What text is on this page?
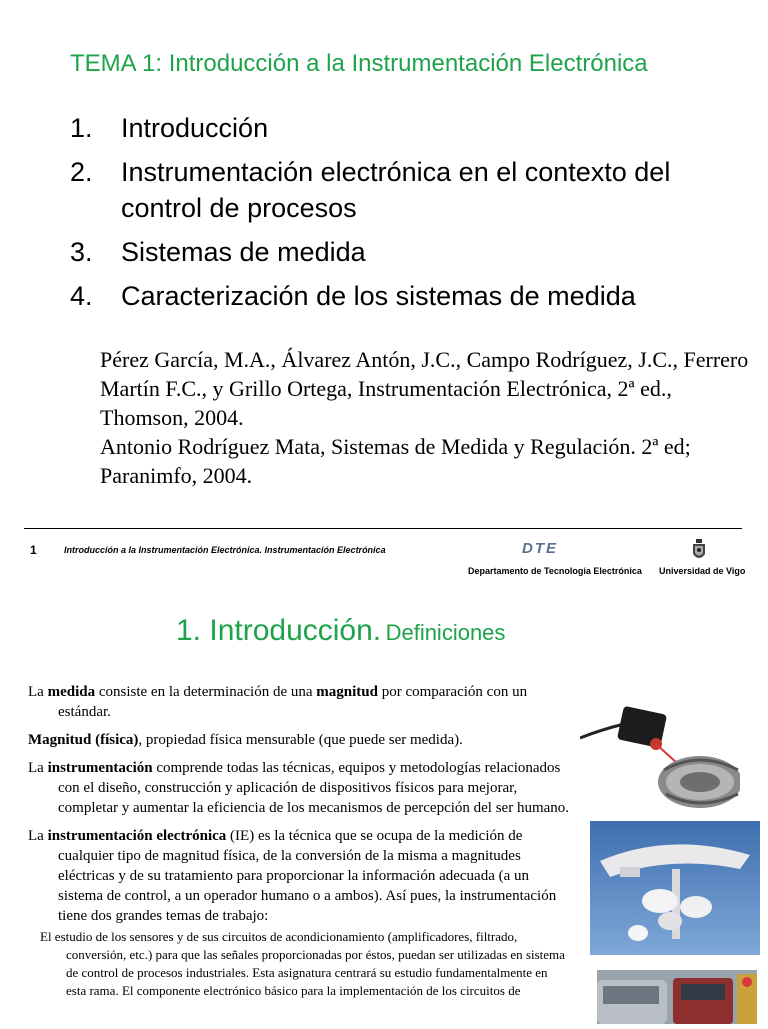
TEMA 1: Introducción a la Instrumentación Electrónica
1.	Introducción
2.	Instrumentación electrónica en el contexto del control de procesos
3.	Sistemas de medida
4.	Caracterización de los sistemas de medida

Pérez García, M.A., Álvarez Antón, J.C., Campo Rodríguez, J.C., Ferrero Martín F.C., y Grillo Ortega, Instrumentación Electrónica, 2ª ed., Thomson, 2004.

Antonio Rodríguez Mata, Sistemas de Medida y Regulación. 2ª ed; Paranimfo, 2004.

1	Introducción a la Instrumentación Electrónica. Instrumentación Electrónica	DTE
Departamento de Tecnología Electrónica Universidad de Vigo
1. Introducción. Definiciones

La medida consiste en la determinación de una magnitud por comparación con un estándar.

Magnitud (física), propiedad física mensurable (que puede ser medida).

La instrumentación comprende todas las técnicas, equipos y metodologías relacionados con el diseño, construcción y aplicación de dispositivos físicos para mejorar, completar y aumentar la eficiencia de los mecanismos de percepción del ser humano.

La instrumentación electrónica (IE) es la técnica que se ocupa de la medición de cualquier tipo de magnitud física, de la conversión de la misma a magnitudes eléctricas y de su tratamiento para proporcionar la información adecuada (a un sistema de control, a un operador humano o a ambos). Así pues, la instrumentación tiene dos grandes temas de trabajo:

El estudio de los sensores y de sus circuitos de acondicionamiento (amplificadores, filtrado, conversión, etc.) para que las señales proporcionadas por éstos, puedan ser utilizadas en sistema de control de procesos industriales. Esta asignatura centrará su estudio fundamentalmente en esta rama. El componente electrónico básico para la implementación de los circuitos de
